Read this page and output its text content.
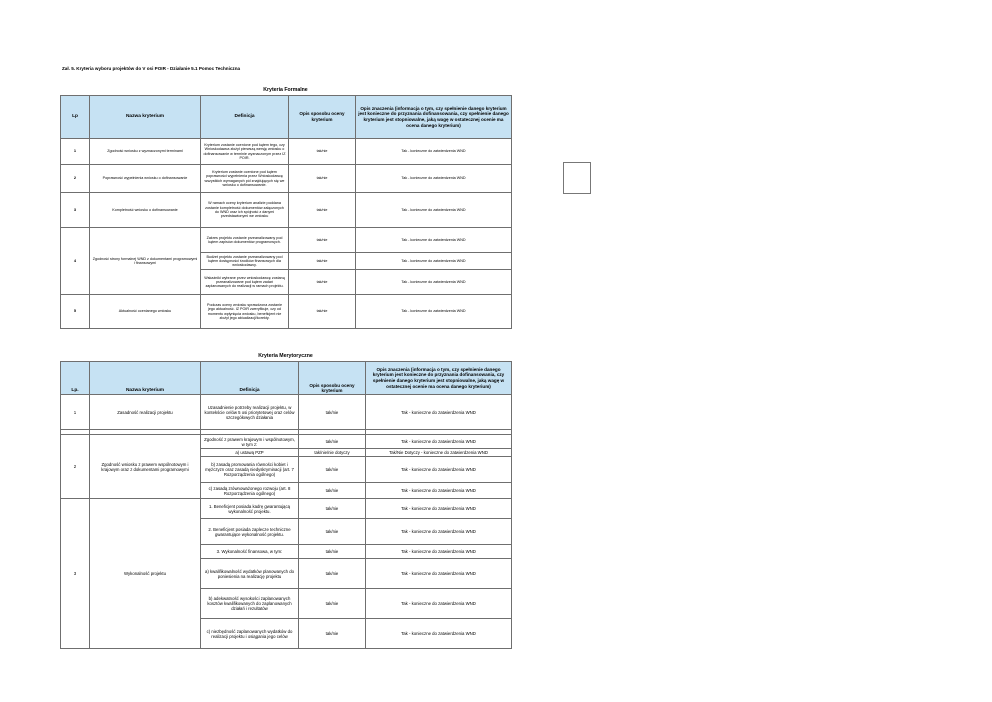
Zał. 5. Kryteria wyboru projektów do V osi POIR - Działanie 5.1 Pomoc Techniczna
Kryteria Formalne
Lp	Nazwa kryterium	Definicja	Opis sposobu oceny kryterium	Opis znaczenia (informacja o tym, czy spełnienie danego kryterium jest konieczne do przyznania dofinansowania, czy spełnienie danego kryterium jest stopniowalne, jaką wagę w ostatecznej ocenie ma ocena danego kryterium)
1	Zgodność wniosku z wyznaczonymi terminami	Kryterium zostanie ocenione pod kątem tego, czy Wnioskodawca złożył pierwszą wersję wniosku o dofinansowanie w terminie wyznaczonym przez IZ POIR.	tak/nie	Tak - konieczne do zatwierdzenia WND
2	Poprawność wypełnienia wniosku o dofinansowanie	Kryterium zostanie ocenione pod kątem poprawności wypełnienia przez Wnioskodawcę wszystkich wymaganych pól znajdujących się we wniosku o dofinansowanie.	tak/nie	Tak - konieczne do zatwierdzenia WND
3	Kompletność wniosku o dofinansowanie	W ramach oceny kryterium analizie poddana zostanie kompletność dokumentów załączonych do WND oraz ich spójność z danymi przedstawionymi we wniosku	tak/nie	Tak - konieczne do zatwierdzenia WND
4	Zgodność strony formalnej WND z dokumentami programowymi i finansowymi	Zakres projektu zostanie przeanalizowany pod kątem zapisów dokumentów programowych.	tak/nie	Tak - konieczne do zatwierdzenia WND
		Budżet projektu zostanie przeanalizowany pod kątem dostępności środków finansowych dla wnioskodawcy.	tak/nie	Tak - konieczne do zatwierdzenia WND
		Wskaźniki wybrane przez wnioskodawcę zostaną przeanalizowane pod kątem zadań zaplanowanych do realizacji w ramach projektu.	tak/nie	Tak - konieczne do zatwierdzenia WND
5	Aktualność ocenianego wniosku	Podczas oceny wniosku sprawdzona zostanie jego aktualność. IZ POIR zweryfikuje, czy od momentu wpłynięcia wniosku, beneficjent nie złożył jego aktualizacji/korekty.	tak/nie	Tak - konieczne do zatwierdzenia WND
Kryteria Merytoryczne
Lp.	Nazwa kryterium	Definicja	Opis sposobu oceny kryterium	Opis znaczenia (informacja o tym, czy spełnienie danego kryterium jest konieczne do przyznania dofinansowania, czy spełnienie danego kryterium jest stopniowalne, jaką wagę w ostatecznej ocenie ma ocena danego kryterium)
1	Zasadność realizacji projektu	Uzasadnienie potrzeby realizacji projektu, w kontekście celów 5 osi priorytetowej oraz celów szczegółowych działania	tak/nie	Tak - konieczne do zatwierdzenia WND

2	Zgodność wniosku z prawem wspólnotowym i krajowym oraz z dokumentami programowymi	Zgodność z prawem krajowym i wspólnotowym, w tym z:	tak/nie	Tak - konieczne do zatwierdzenia WND
		a) ustawą PZP	tak/nie/nie dotyczy	Tak/Nie Dotyczy - konieczne do zatwierdzenia WND
		b) zasadą promowania równości kobiet i mężczyzn oraz zasadą niedyskryminacji (art. 7 Rozporządzenia ogólnego)	tak/nie	Tak - konieczne do zatwierdzenia WND
		c) zasadą zrównoważonego rozwoju (art. 8 Rozporządzenia ogólnego)	tak/nie	Tak - konieczne do zatwierdzenia WND
3	Wykonalność projektu	1. Beneficjent posiada kadrę gwarantującą wykonalność projektu.	tak/nie	Tak - konieczne do zatwierdzenia WND
		2. Beneficjent posiada zaplecze techniczne gwarantujące wykonalność projektu.	tak/nie	Tak - konieczne do zatwierdzenia WND
		3. Wykonalność finansowa, w tym:	tak/nie	Tak - konieczne do zatwierdzenia WND
		a) kwalifikowalność wydatków planowanych do poniesienia na realizację projektu	tak/nie	Tak - konieczne do zatwierdzenia WND
		b) adekwatność wysokości zaplanowanych kosztów kwalifikowanych do zaplanowanych działań i rezultatów	tak/nie	Tak - konieczne do zatwierdzenia WND
		c) niezbędność zaplanowanych wydatków do realizacji projektu i osiągania jego celów	tak/nie	Tak - konieczne do zatwierdzenia WND
